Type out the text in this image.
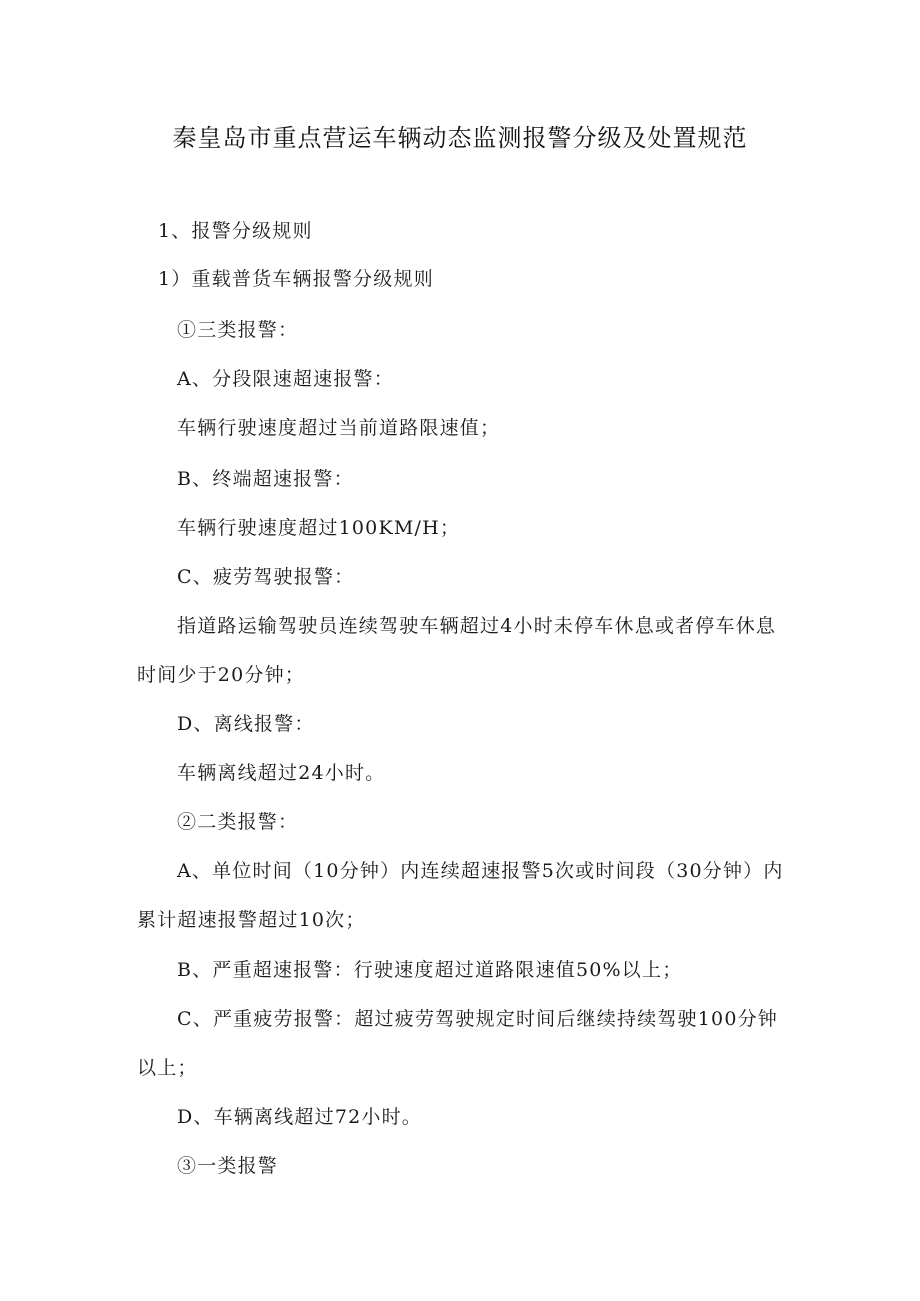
秦皇岛市重点营运车辆动态监测报警分级及处置规范

1、报警分级规则

1）重载普货车辆报警分级规则

①三类报警：

A、分段限速超速报警：

车辆行驶速度超过当前道路限速值；

B、终端超速报警：

车辆行驶速度超过100KM/H；

C、疲劳驾驶报警：

指道路运输驾驶员连续驾驶车辆超过4小时未停车休息或者停车休息

时间少于20分钟；

D、离线报警：

车辆离线超过24小时。

②二类报警：

A、单位时间（10分钟）内连续超速报警5次或时间段（30分钟）内

累计超速报警超过10次；

B、严重超速报警：行驶速度超过道路限速值50%以上；

C、严重疲劳报警：超过疲劳驾驶规定时间后继续持续驾驶100分钟

以上；

D、车辆离线超过72小时。

③一类报警
